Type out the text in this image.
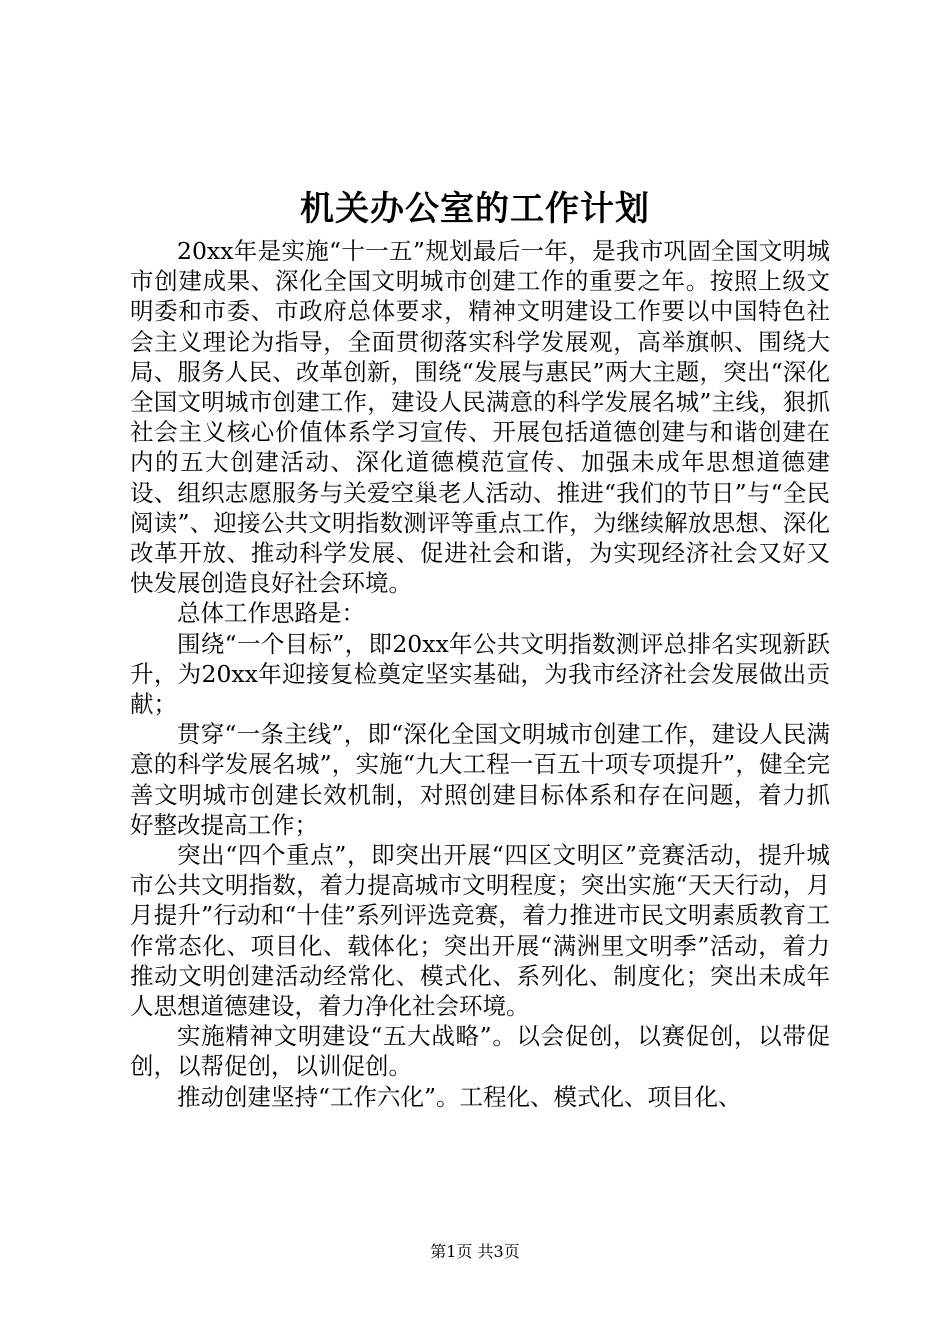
机关办公室的工作计划

20xx年是实施“十一五”规划最后一年，是我市巩固全国文明城市创建成果、深化全国文明城市创建工作的重要之年。按照上级文明委和市委、市政府总体要求，精神文明建设工作要以中国特色社会主义理论为指导，全面贯彻落实科学发展观，高举旗帜、围绕大局、服务人民、改革创新，围绕“发展与惠民”两大主题，突出“深化全国文明城市创建工作，建设人民满意的科学发展名城”主线，狠抓社会主义核心价值体系学习宣传、开展包括道德创建与和谐创建在内的五大创建活动、深化道德模范宣传、加强未成年思想道德建设、组织志愿服务与关爱空巢老人活动、推进“我们的节日”与“全民阅读”、迎接公共文明指数测评等重点工作，为继续解放思想、深化改革开放、推动科学发展、促进社会和谐，为实现经济社会又好又快发展创造良好社会环境。

总体工作思路是：

围绕“一个目标”，即20xx年公共文明指数测评总排名实现新跃升，为20xx年迎接复检奠定坚实基础，为我市经济社会发展做出贡献；

贯穿“一条主线”，即“深化全国文明城市创建工作，建设人民满意的科学发展名城”，实施“九大工程一百五十项专项提升”，健全完善文明城市创建长效机制，对照创建目标体系和存在问题，着力抓好整改提高工作；

突出“四个重点”，即突出开展“四区文明区”竞赛活动，提升城市公共文明指数，着力提高城市文明程度；突出实施“天天行动，月月提升”行动和“十佳”系列评选竞赛，着力推进市民文明素质教育工作常态化、项目化、载体化；突出开展“满洲里文明季”活动，着力推动文明创建活动经常化、模式化、系列化、制度化；突出未成年人思想道德建设，着力净化社会环境。

实施精神文明建设“五大战略”。以会促创，以赛促创，以带促创，以帮促创，以训促创。

推动创建坚持“工作六化”。工程化、模式化、项目化、

第1页 共3页
